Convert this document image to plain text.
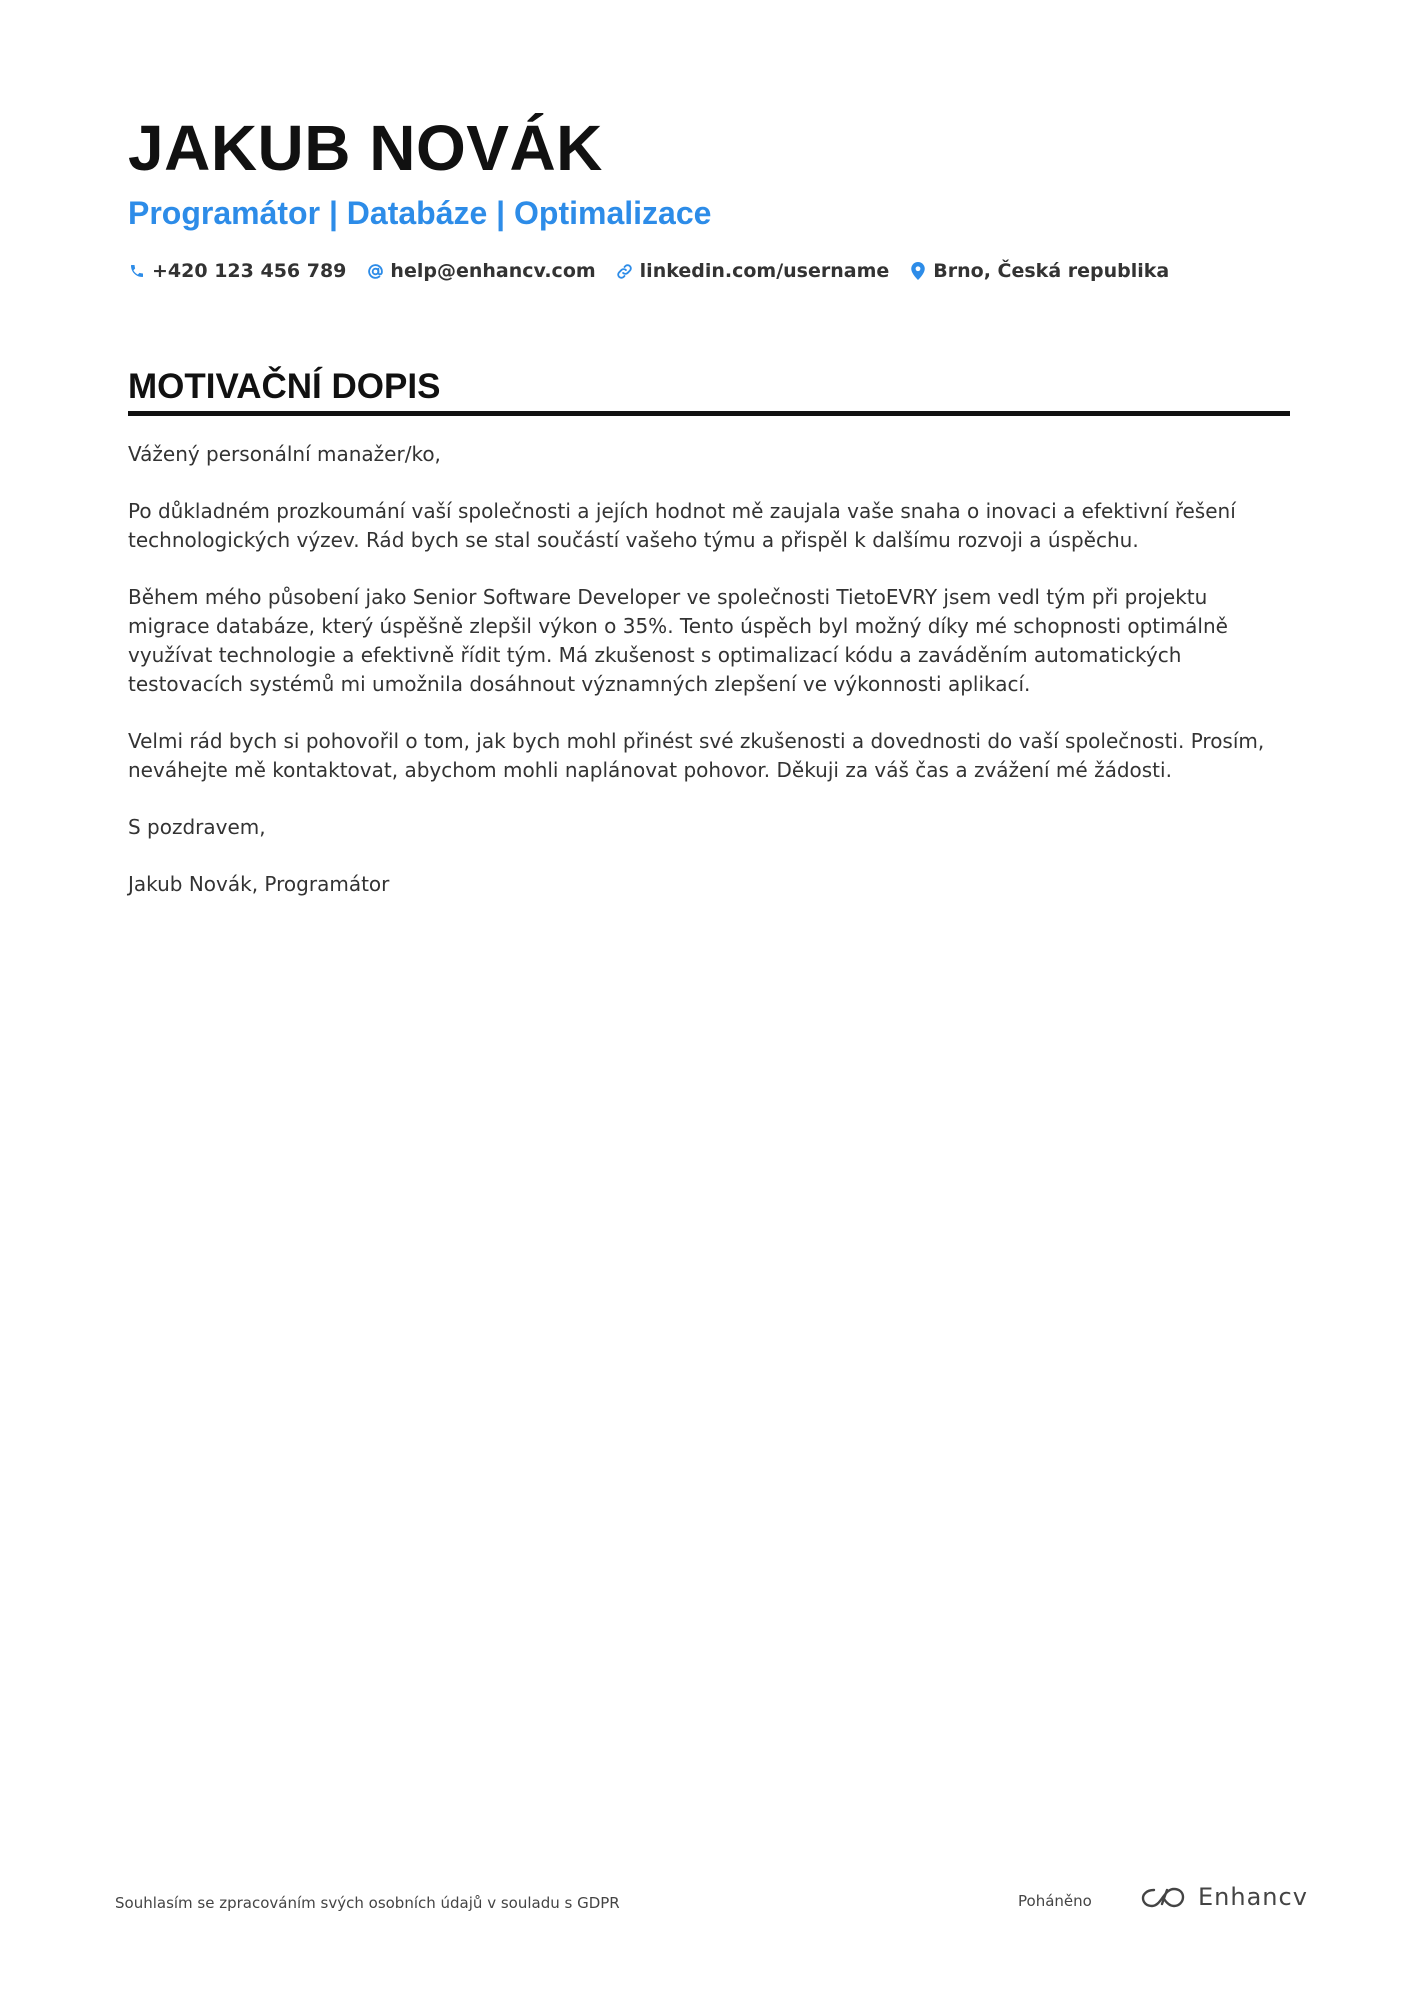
JAKUB NOVÁK
Programátor | Databáze | Optimalizace
+420 123 456 789 help@enhancv.com linkedin.com/username Brno, Česká republika
MOTIVAČNÍ DOPIS

Vážený personální manažer/ko,

Po důkladném prozkoumání vaší společnosti a jejích hodnot mě zaujala vaše snaha o inovaci a efektivní řešení technologických výzev. Rád bych se stal součástí vašeho týmu a přispěl k dalšímu rozvoji a úspěchu.

Během mého působení jako Senior Software Developer ve společnosti TietoEVRY jsem vedl tým při projektu migrace databáze, který úspěšně zlepšil výkon o 35%. Tento úspěch byl možný díky mé schopnosti optimálně využívat technologie a efektivně řídit tým. Má zkušenost s optimalizací kódu a zaváděním automatických testovacích systémů mi umožnila dosáhnout významných zlepšení ve výkonnosti aplikací.

Velmi rád bych si pohovořil o tom, jak bych mohl přinést své zkušenosti a dovednosti do vaší společnosti. Prosím, neváhejte mě kontaktovat, abychom mohli naplánovat pohovor. Děkuji za váš čas a zvážení mé žádosti.

S pozdravem,

Jakub Novák, Programátor

Souhlasím se zpracováním svých osobních údajů v souladu s GDPR	Poháněno	Enhancv
